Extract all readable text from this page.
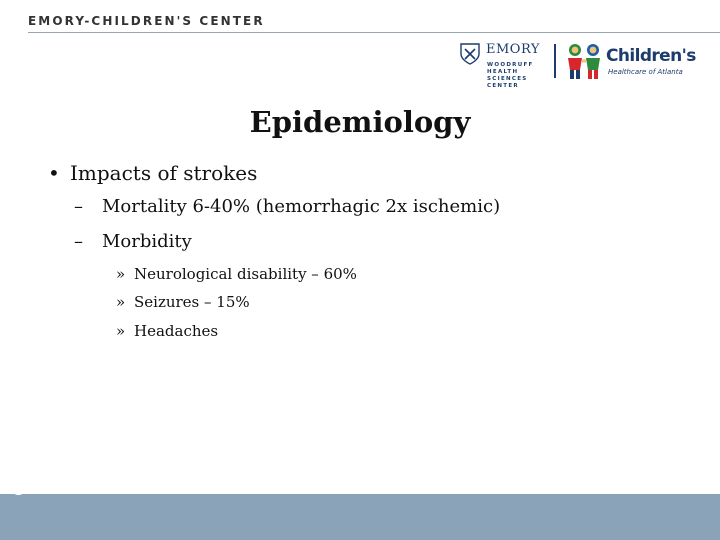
EMORY-CHILDREN'S CENTER
EMORY
WOODRUFF
HEALTH
SCIENCES
CENTER
Children's
Healthcare of Atlanta
Epidemiology
• Impacts of strokes
– Mortality 6-40% (hemorrhagic 2x ischemic)
– Morbidity
» Neurological disability – 60%
» Seizures – 15%
» Headaches
5
